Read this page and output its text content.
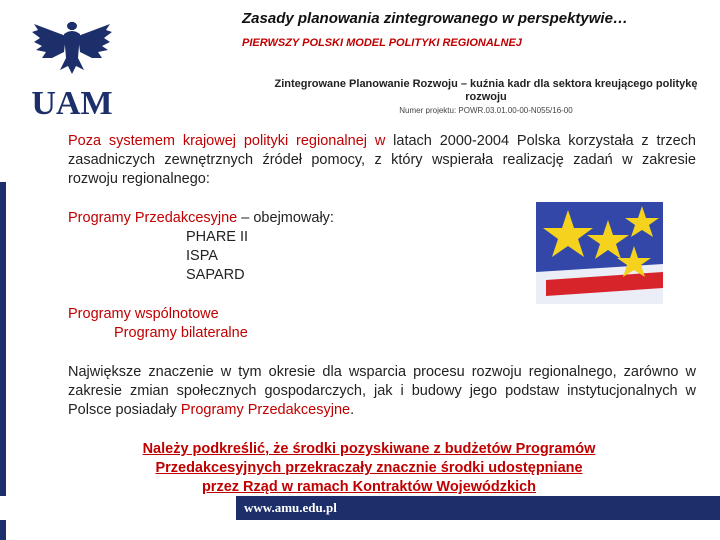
UAM
Zasady planowania zintegrowanego w perspektywie…
PIERWSZY POLSKI MODEL POLITYKI REGIONALNEJ
Zintegrowane Planowanie Rozwoju – kuźnia kadr dla sektora kreującego politykę
rozwoju
Numer projektu: POWR.03.01.00-00-N055/16-00
Poza systemem krajowej polityki regionalnej w latach 2000-2004 Polska korzystała z trzech zasadniczych zewnętrznych źródeł pomocy, z który wspierała realizację zadań w zakresie rozwoju regionalnego:
Programy Przedakcesyjne – obejmowały:
PHARE II
ISPA
SAPARD
Programy wspólnotowe
Programy bilateralne
Największe znaczenie w tym okresie dla wsparcia procesu rozwoju regionalnego, zarówno w zakresie zmian społecznych gospodarczych, jak i budowy jego podstaw instytucjonalnych w Polsce posiadały Programy Przedakcesyjne.
Należy podkreślić, że środki pozyskiwane z budżetów Programów
Przedakcesyjnych przekraczały znacznie środki udostępniane
przez Rząd w ramach Kontraktów Wojewódzkich
www.amu.edu.pl
